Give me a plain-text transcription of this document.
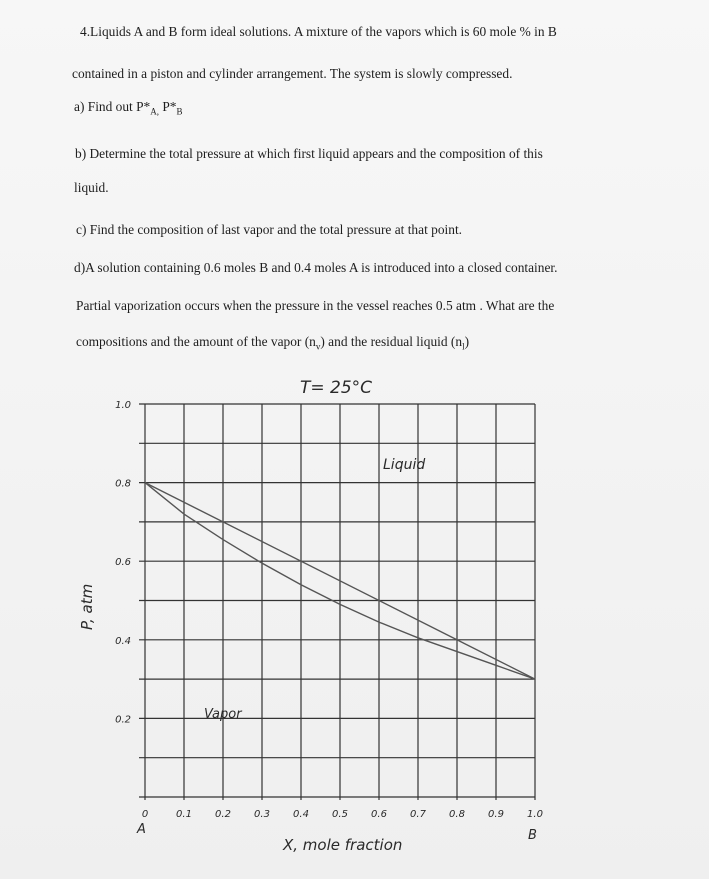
4.Liquids A and B form ideal solutions. A mixture of the vapors which is 60 mole % in B
contained in a piston and cylinder arrangement. The system is slowly compressed.
a) Find out $P*_{A,}$ $P*_B$
b) Determine the total pressure at which first liquid appears and the composition of this
liquid.
c) Find the composition of last vapor and the total pressure at that point.
d)A solution containing 0.6 moles B and 0.4 moles A is introduced into a closed container.
Partial vaporization occurs when the pressure in the vessel reaches 0.5 atm . What are the
compositions and the amount of the vapor $(n_v)$ and the residual liquid $(n_l)$
0	0.1 0.2 0.3 0.4 0.5 0.6 0.7 0.8 0.9 1.0
0.2
0.4
0.6
0.8
1.0
T= 25°C
X, mole fraction
P, atm
A	B
Liquid
Vapor
